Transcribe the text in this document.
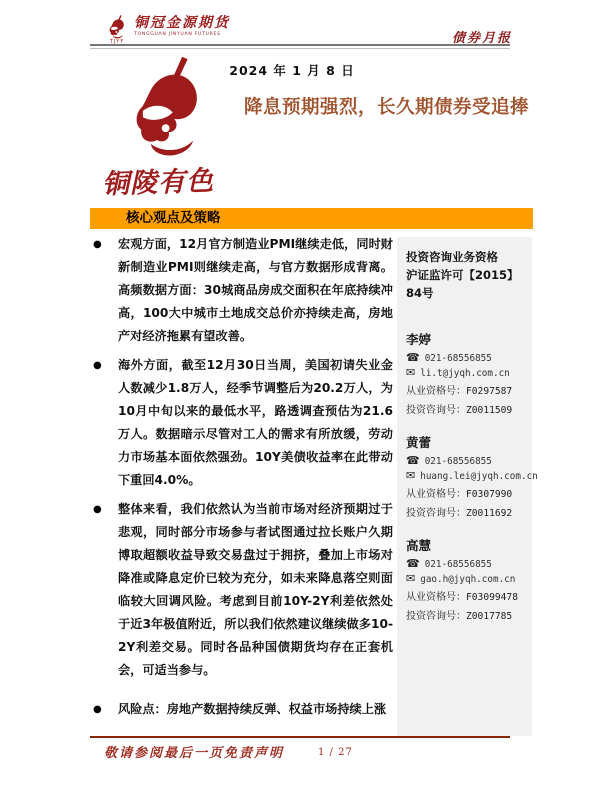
TJYF
铜冠金源期货
TONGGUAN JINYUAN FUTURES	债券月报
2024 年 1 月 8 日
铜陵有色
降息预期强烈，长久期债券受追捧
核心观点及策略
●	宏观方面，12月官方制造业PMI继续走低，同时财新制造业PMI则继续走高，与官方数据形成背离。高频数据方面：30城商品房成交面积在年底持续冲高，100大中城市土地成交总价亦持续走高，房地产对经济拖累有望改善。
●	海外方面，截至12月30日当周，美国初请失业金人数减少1.8万人，经季节调整后为20.2万人，为10月中旬以来的最低水平，路透调查预估为21.6万人。数据暗示尽管对工人的需求有所放缓，劳动力市场基本面依然强劲。10Y美债收益率在此带动下重回4.0%。
●	整体来看，我们依然认为当前市场对经济预期过于悲观，同时部分市场参与者试图通过拉长账户久期博取超额收益导致交易盘过于拥挤，叠加上市场对降准或降息定价已较为充分，如未来降息落空则面临较大回调风险。考虑到目前10Y-2Y利差依然处于近3年极值附近，所以我们依然建议继续做多10-2Y利差交易。同时各品种国债期货均存在正套机会，可适当参与。
●	风险点：房地产数据持续反弹、权益市场持续上涨
投资咨询业务资格
沪证监许可【2015】84号
李婷
☎ 021-68556855
✉ li.t@jyqh.com.cn
从业资格号：F0297587
投资咨询号：Z0011509
黄蕾
☎ 021-68556855
✉ huang.lei@jyqh.com.cn
从业资格号：F0307990
投资咨询号：Z0011692
高慧
☎ 021-68556855
✉ gao.h@jyqh.com.cn
从业资格号：F03099478
投资咨询号：Z0017785
敬请参阅最后一页免责声明	1 / 27
